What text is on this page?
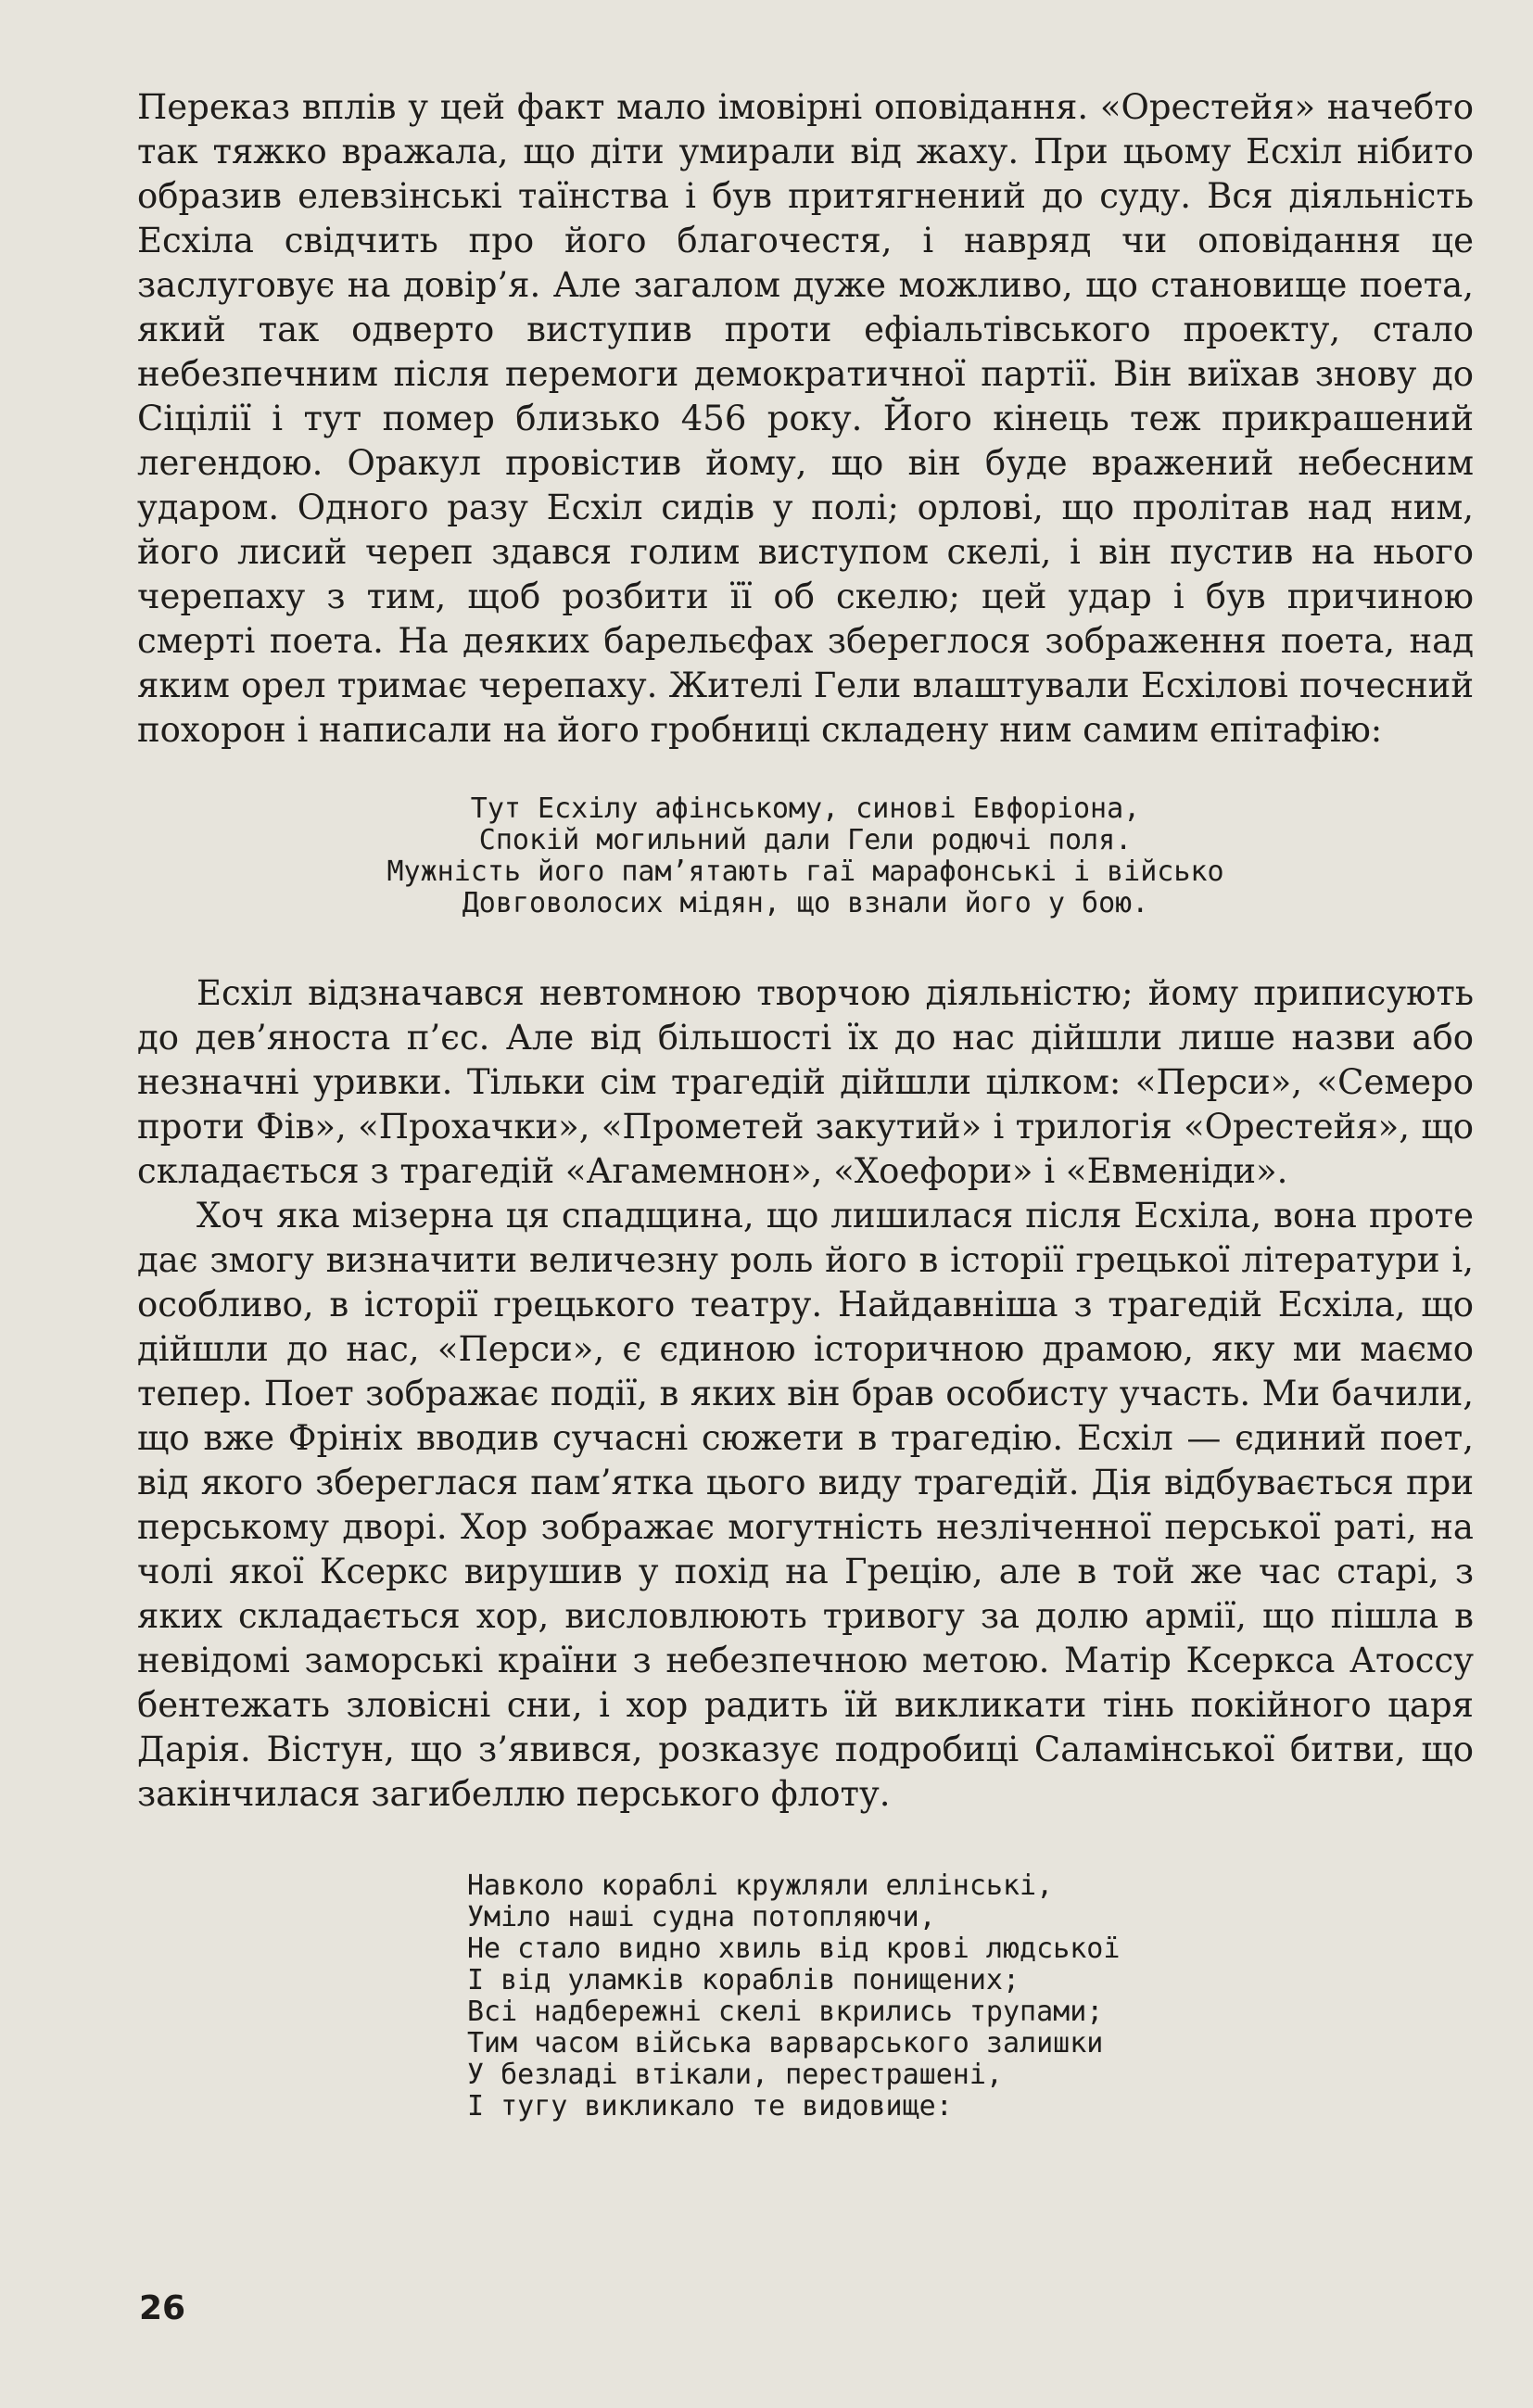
Переказ вплів у цей факт мало імовірні оповідання. «Орестейя» начебто так тяжко вражала, що діти умирали від жаху. При цьому Есхіл нібито образив елевзінські таїнства і був притягнений до суду. Вся діяльність Есхіла свідчить про його благочестя, і навряд чи оповідання це заслуговує на довір’я. Але загалом дуже можливо, що становище поета, який так одверто виступив проти ефіальтівського проекту, стало небезпечним після перемоги демократичної партії. Він виїхав знову до Сіцілії і тут помер близько 456 року. Його кінець теж прикрашений легендою. Оракул провістив йому, що він буде вражений небесним ударом. Одного разу Есхіл сидів у полі; орлові, що пролітав над ним, його лисий череп здався голим виступом скелі, і він пустив на нього черепаху з тим, щоб розбити її об скелю; цей удар і був причиною смерті поета. На деяких барельєфах збереглося зображення поета, над яким орел тримає черепаху. Жителі Гели влаштували Есхілові почесний похорон і написали на його гробниці складену ним самим епітафію:

Тут Есхілу афінському, синові Евфоріона,
Спокій могильний дали Гели родючі поля.
Мужність його пам’ятають гаї марафонські і військо
Довговолосих мідян, що взнали його у бою.

Есхіл відзначався невтомною творчою діяльністю; йому приписують до дев’яноста п’єс. Але від більшості їх до нас дійшли лише назви або незначні уривки. Тільки сім трагедій дійшли цілком: «Перси», «Семеро проти Фів», «Прохачки», «Прометей закутий» і трилогія «Орестейя», що складається з трагедій «Агамемнон», «Хоефори» і «Евменіди».

Хоч яка мізерна ця спадщина, що лишилася після Есхіла, вона проте дає змогу визначити величезну роль його в історії грецької літератури і, особливо, в історії грецького театру. Найдавніша з трагедій Есхіла, що дійшли до нас, «Перси», є єдиною історичною драмою, яку ми маємо тепер. Поет зображає події, в яких він брав особисту участь. Ми бачили, що вже Фрініх вводив сучасні сюжети в трагедію. Есхіл — єдиний поет, від якого збереглася пам’ятка цього виду трагедій. Дія відбувається при перському дворі. Хор зображає могутність незліченної перської раті, на чолі якої Ксеркс вирушив у похід на Грецію, але в той же час старі, з яких складається хор, висловлюють тривогу за долю армії, що пішла в невідомі заморські країни з небезпечною метою. Матір Ксеркса Атоссу бентежать зловісні сни, і хор радить їй викликати тінь покійного царя Дарія. Вістун, що з’явився, розказує подробиці Саламінської битви, що закінчилася загибеллю перського флоту.

Навколо кораблі кружляли еллінські,
Уміло наші судна потопляючи,
Не стало видно хвиль від крові людської
І від уламків кораблів понищених;
Всі надбережні скелі вкрились трупами;
Тим часом війська варварського залишки
У безладі втікали, перестрашені,
І тугу викликало те видовище:
26
